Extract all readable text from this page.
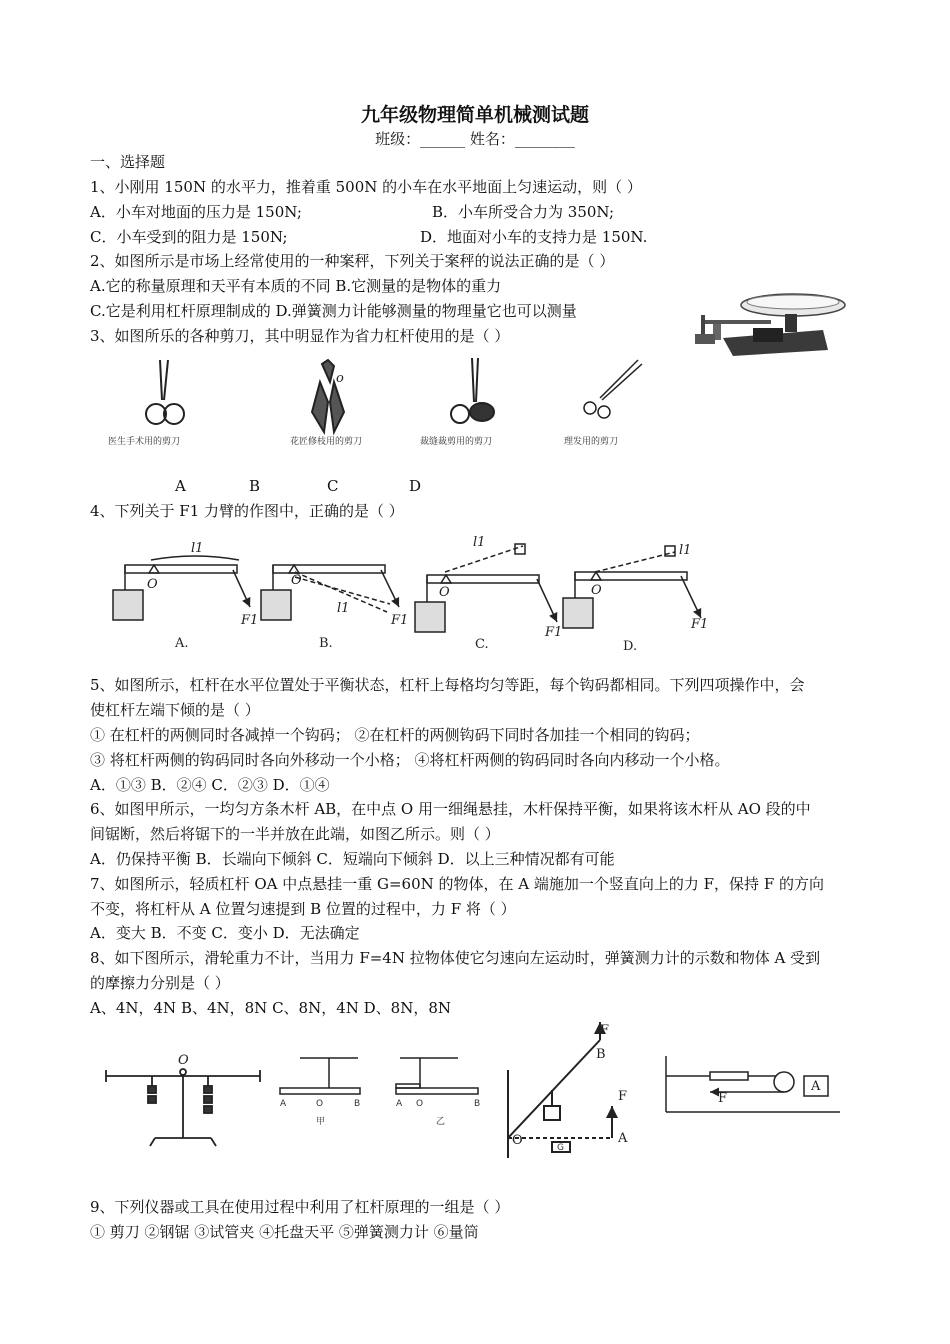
九年级物理简单机械测试题
班级：______ 姓名：________
一、选择题
1、小刚用 150N 的水平力，推着重 500N 的小车在水平地面上匀速运动，则（ ）
A．小车对地面的压力是 150N;	B．小车所受合力为 350N;
C．小车受到的阻力是 150N;	D．地面对小车的支持力是 150N.
2、如图所示是市场上经常使用的一种案秤，下列关于案秤的说法正确的是（ ）
A.它的称量原理和天平有本质的不同 B.它测量的是物体的重力
C.它是利用杠杆原理制成的 D.弹簧测力计能够测量的物理量它也可以测量
3、如图所乐的各种剪刀，其中明显作为省力杠杆使用的是（ ）
医生手术用的剪刀
o
花匠修枝用的剪刀	裁缝裁剪用的剪刀	理发用的剪刀
A	B	C	D
4、下列关于 F1 力臂的作图中，正确的是（ ）
l1
O
F1
A.
O
l1
F1
B.
l1
O
F1
C.
l1
O
F1
D.
5、如图所示，杠杆在水平位置处于平衡状态，杠杆上每格均匀等距，每个钩码都相同。下列四项操作中，会
使杠杆左端下倾的是（ ）
① 在杠杆的两侧同时各减掉一个钩码； ②在杠杆的两侧钩码下同时各加挂一个相同的钩码；
③ 将杠杆两侧的钩码同时各向外移动一个小格； ④将杠杆两侧的钩码同时各向内移动一个小格。
A．①③ B．②④ C．②③ D．①④
6、如图甲所示，一均匀方条木杆 AB，在中点 O 用一细绳悬挂，木杆保持平衡，如果将该木杆从 AO 段的中
间锯断，然后将锯下的一半并放在此端，如图乙所示。则（ ）
A．仍保持平衡 B．长端向下倾斜 C．短端向下倾斜 D．以上三种情况都有可能
7、如图所示，轻质杠杆 OA 中点悬挂一重 G=60N 的物体，在 A 端施加一个竖直向上的力 F，保持 F 的方向
不变，将杠杆从 A 位置匀速提到 B 位置的过程中，力 F 将（ ）
A．变大 B．不变 C．变小 D．无法确定
8、如下图所示，滑轮重力不计，当用力 F=4N 拉物体使它匀速向左运动时，弹簧测力计的示数和物体 A 受到
的摩擦力分别是（ ）
A、4N，4N B、4N，8N C、8N，4N D、8N，8N
O
A	O	B
甲
A O	B
乙
F
B
F
A
O	G
F
A
9、下列仪器或工具在使用过程中利用了杠杆原理的一组是（ ）
① 剪刀 ②钢锯 ③试管夹 ④托盘天平 ⑤弹簧测力计 ⑥量筒
